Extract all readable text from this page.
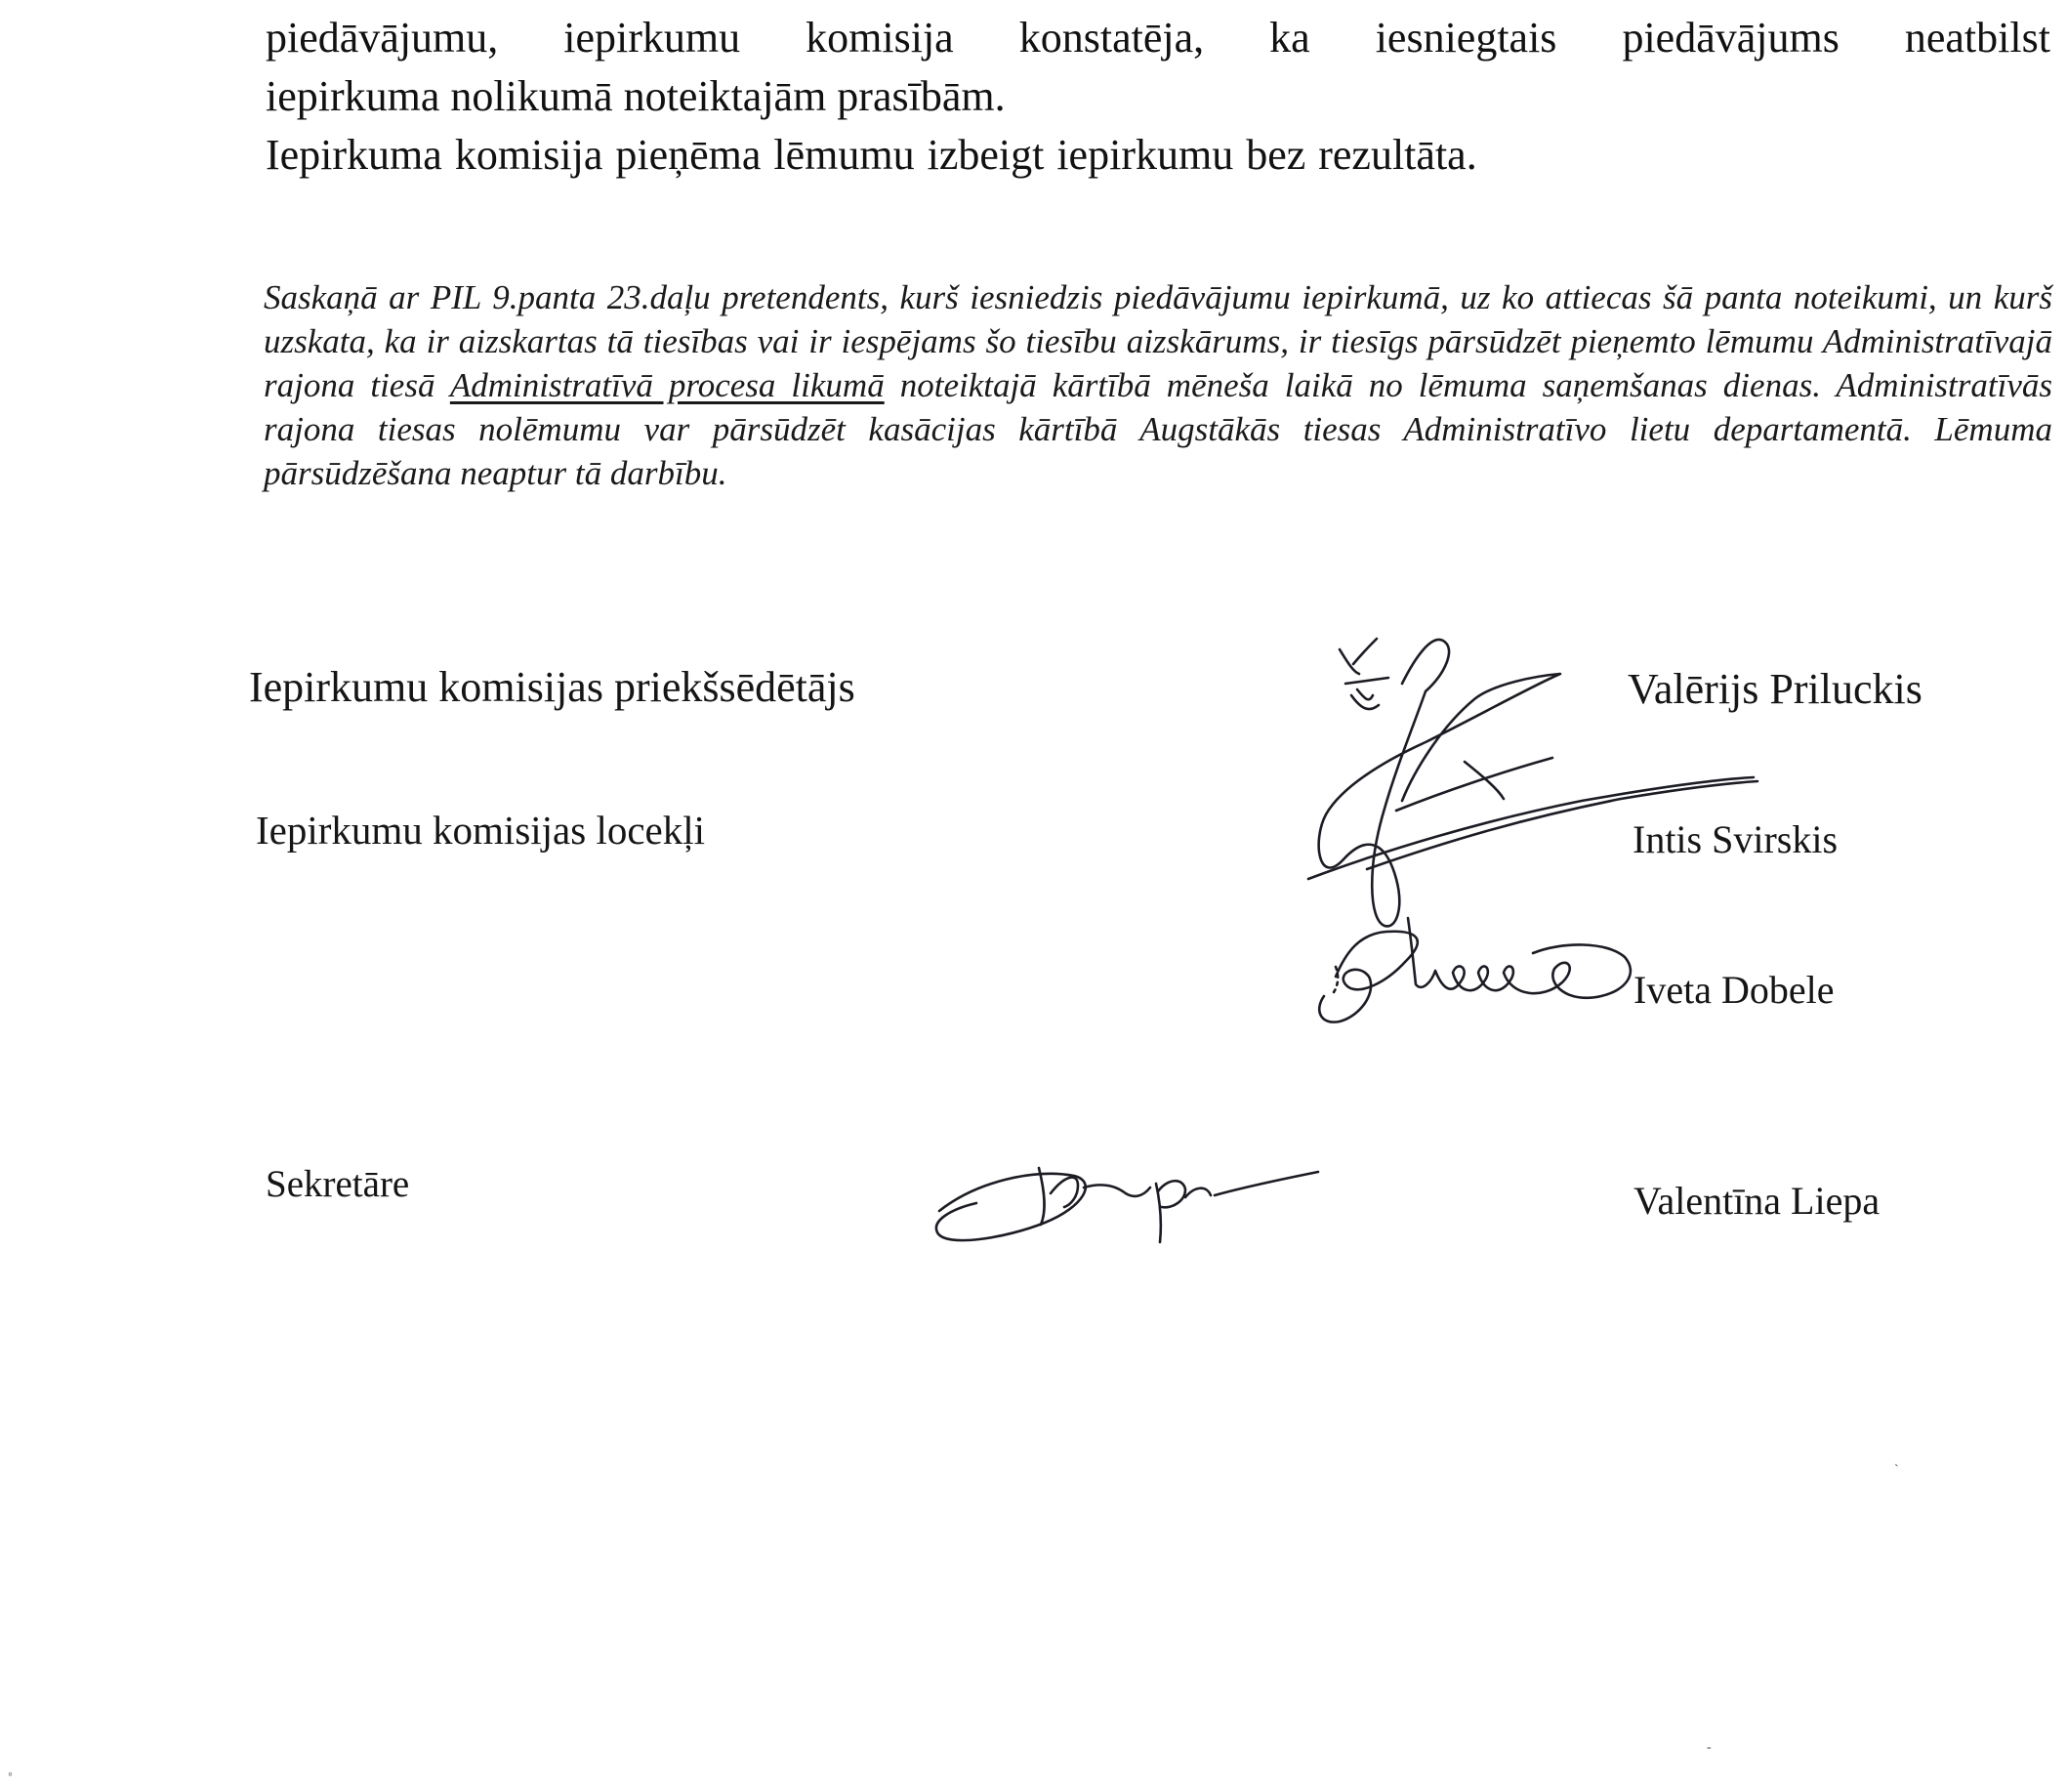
piedāvājumu, iepirkumu komisija konstatēja, ka iesniegtais piedāvājums neatbilst

iepirkuma nolikumā noteiktajām prasībām.

Iepirkuma komisija pieņēma lēmumu izbeigt iepirkumu bez rezultāta.

Saskaņā ar PIL 9.panta 23.daļu pretendents, kurš iesniedzis piedāvājumu iepirkumā, uz ko attiecas šā panta noteikumi, un kurš uzskata, ka ir aizskartas tā tiesības vai ir iespējams šo tiesību aizskārums, ir tiesīgs pārsūdzēt pieņemto lēmumu Administratīvajā rajona tiesā Administratīvā procesa likumā noteiktajā kārtībā mēneša laikā no lēmuma saņemšanas dienas. Administratīvās rajona tiesas nolēmumu var pārsūdzēt kasācijas kārtībā Augstākās tiesas Administratīvo lietu departamentā. Lēmuma pārsūdzēšana neaptur tā darbību.

Iepirkumu komisijas priekšsēdētājs

Iepirkumu komisijas locekļi

Sekretāre

Valērijs Priluckis

Intis Svirskis

Iveta Dobele

Valentīna Liepa

◦
-
`
